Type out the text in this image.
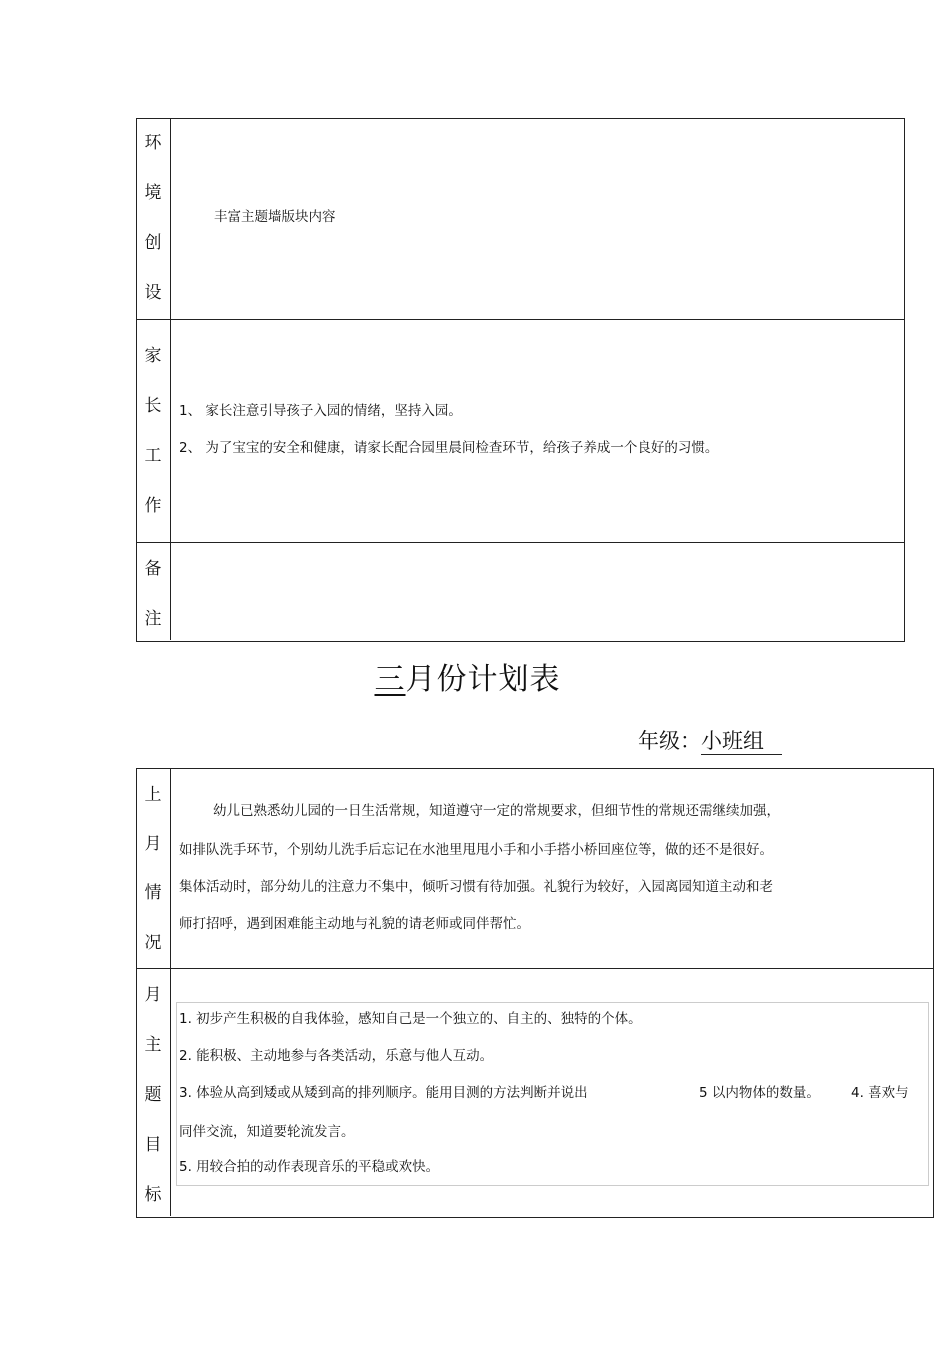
环
境
创
设
丰富主题墙版块内容
家
长
工
作
1、 家长注意引导孩子入园的情绪，坚持入园。
2、 为了宝宝的安全和健康，请家长配合园里晨间检查环节，给孩子养成一个良好的习惯。
备
注
三月份计划表
年级：小班组
上
月
情
况
幼儿已熟悉幼儿园的一日生活常规，知道遵守一定的常规要求，但细节性的常规还需继续加强，
如排队洗手环节，个别幼儿洗手后忘记在水池里甩甩小手和小手搭小桥回座位等，做的还不是很好。
集体活动时，部分幼儿的注意力不集中，倾听习惯有待加强。礼貌行为较好，入园离园知道主动和老
师打招呼，遇到困难能主动地与礼貌的请老师或同伴帮忙。
月
主
题
目
标
1. 初步产生积极的自我体验，感知自己是一个独立的、自主的、独特的个体。
2. 能积极、主动地参与各类活动，乐意与他人互动。
3. 体验从高到矮或从矮到高的排列顺序。能用目测的方法判断并说出	5 以内物体的数量。 4. 喜欢与
同伴交流，知道要轮流发言。
5. 用较合拍的动作表现音乐的平稳或欢快。
